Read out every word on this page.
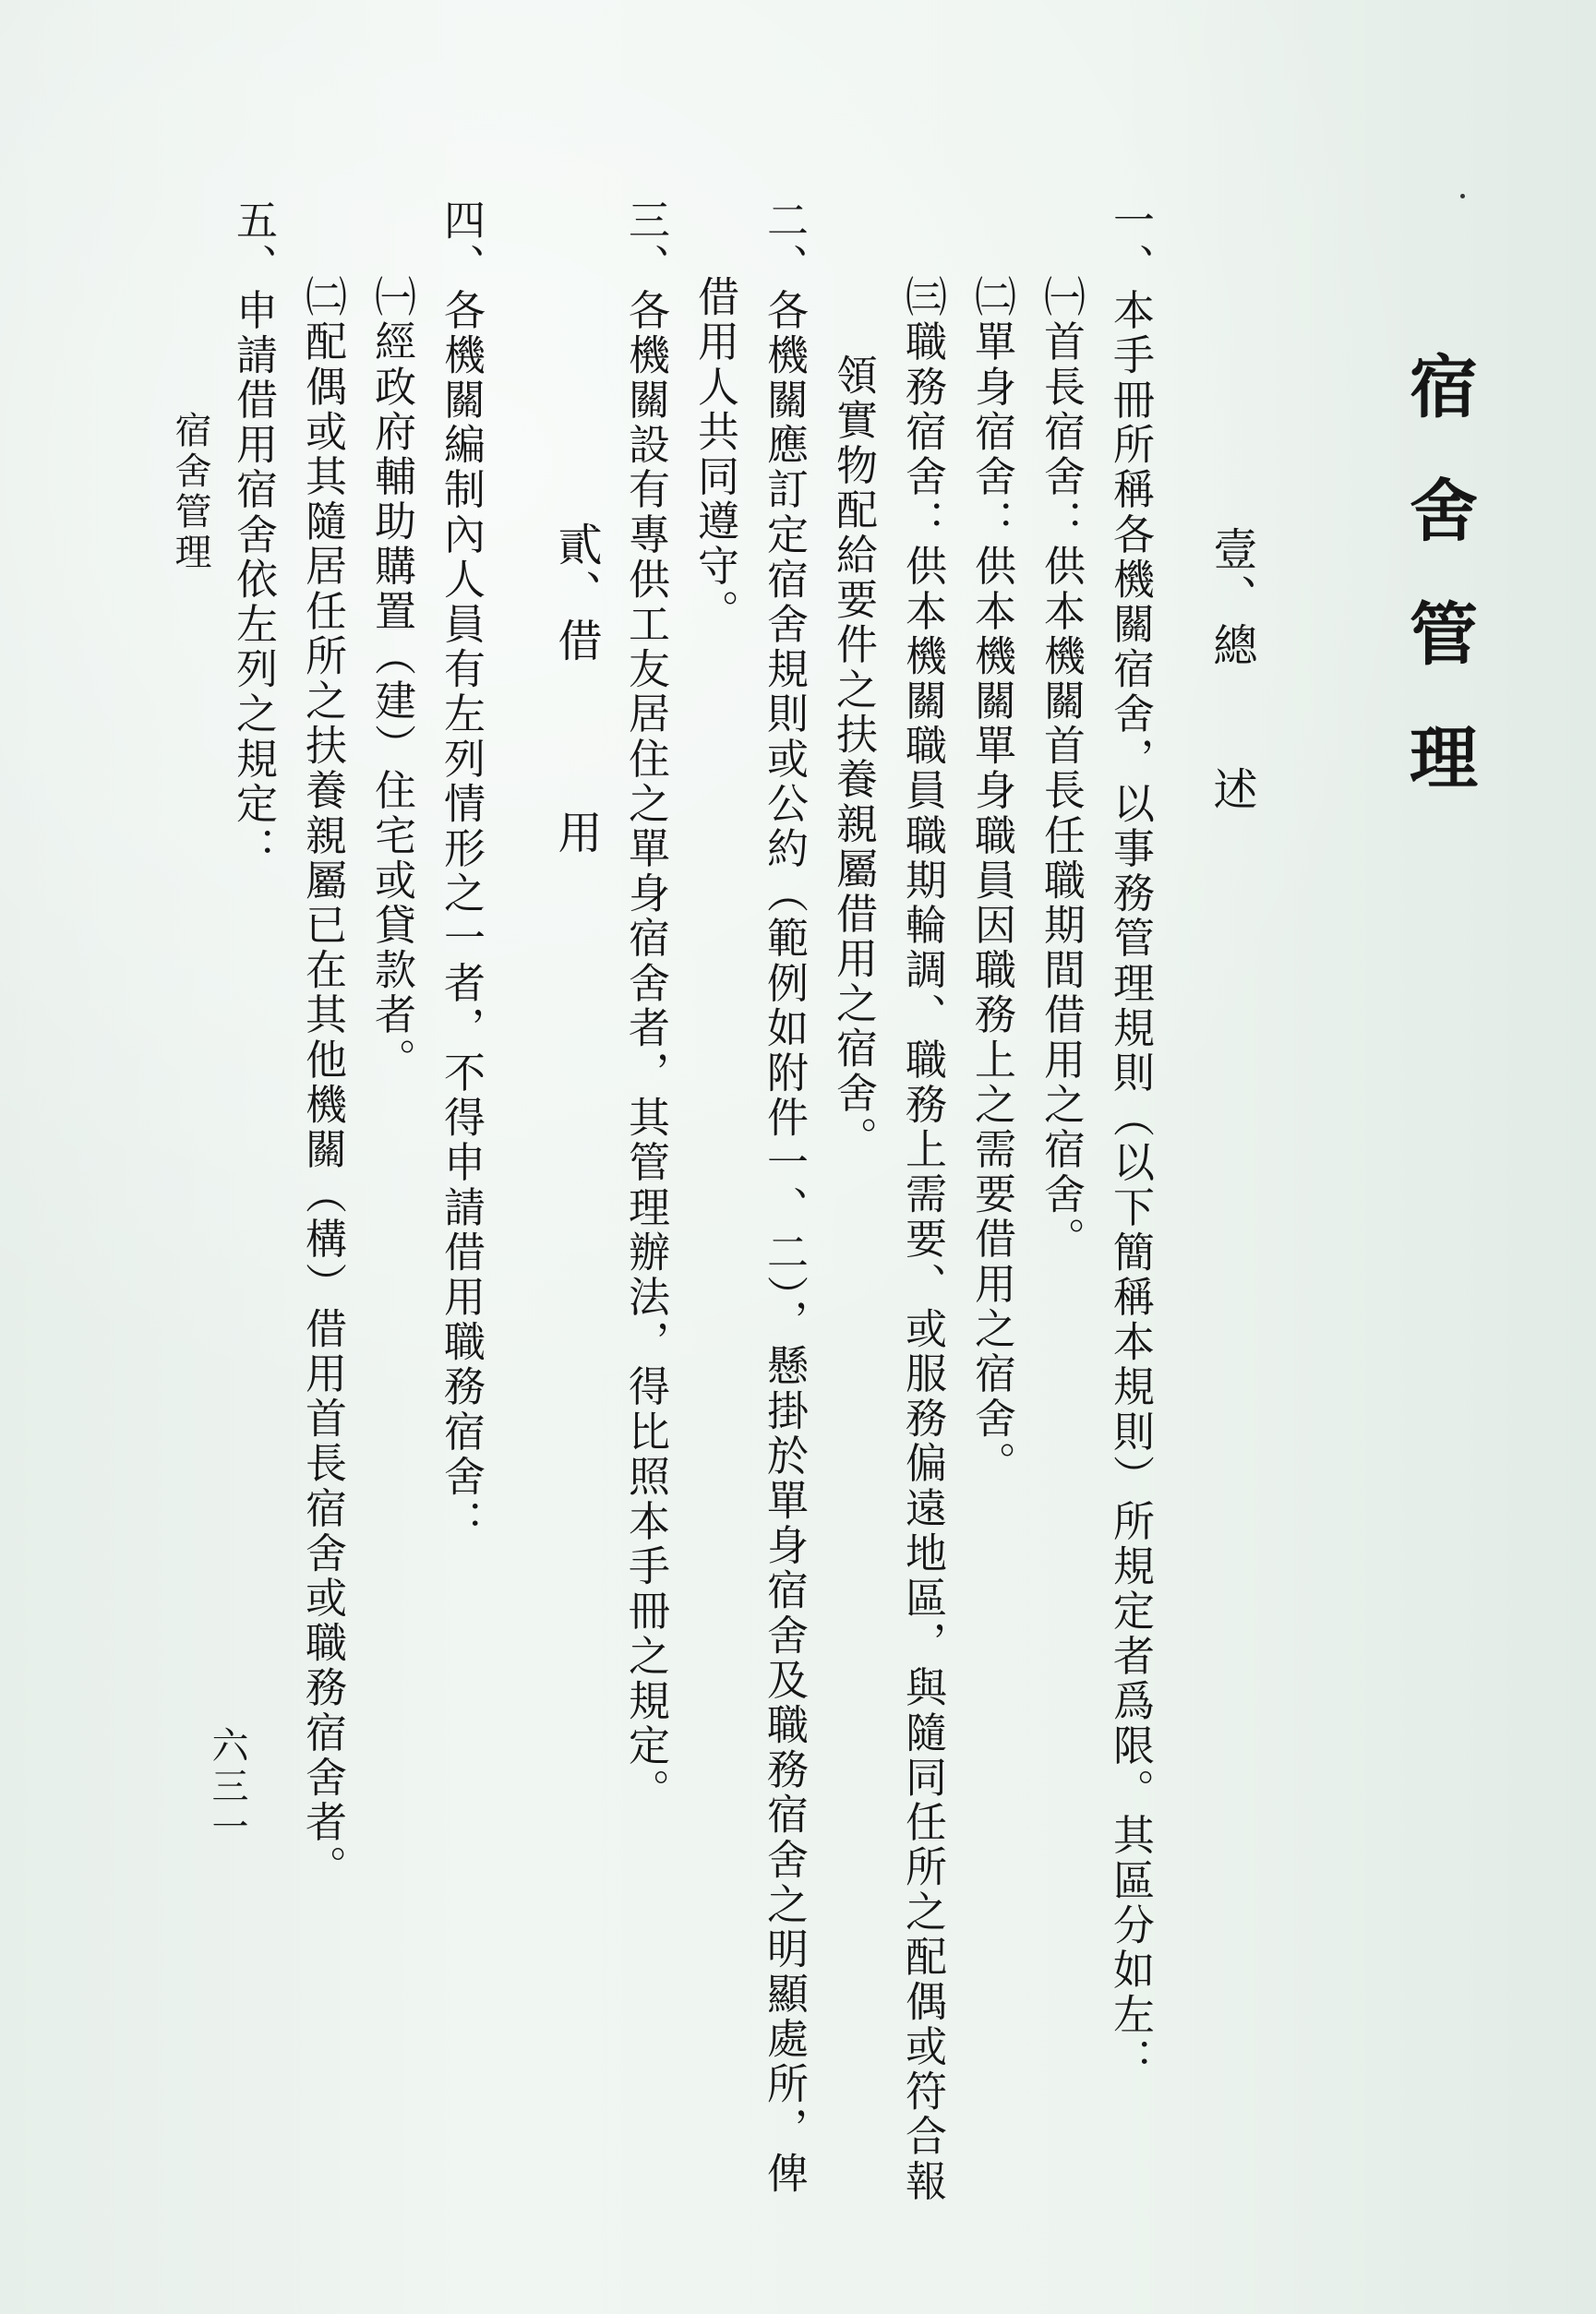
宿舍管理
壹、總　　述
一、本手冊所稱各機關宿舍，以事務管理規則（以下簡稱本規則）所規定者爲限。其區分如左：
㈠首長宿舍：供本機關首長任職期間借用之宿舍。
㈡單身宿舍：供本機關單身職員因職務上之需要借用之宿舍。
㈢職務宿舍：供本機關職員職期輪調、職務上需要、或服務偏遠地區，與隨同任所之配偶或符合報
領實物配給要件之扶養親屬借用之宿舍。
二、各機關應訂定宿舍規則或公約（範例如附件一、二），懸掛於單身宿舍及職務宿舍之明顯處所，俾
借用人共同遵守。
三、各機關設有專供工友居住之單身宿舍者，其管理辦法，得比照本手冊之規定。
貳、借　　　用
四、各機關編制內人員有左列情形之一者，不得申請借用職務宿舍：
㈠經政府輔助購置（建）住宅或貸款者。
㈡配偶或其隨居任所之扶養親屬已在其他機關（構）借用首長宿舍或職務宿舍者。
五、申請借用宿舍依左列之規定：
宿舍管理
六三一
